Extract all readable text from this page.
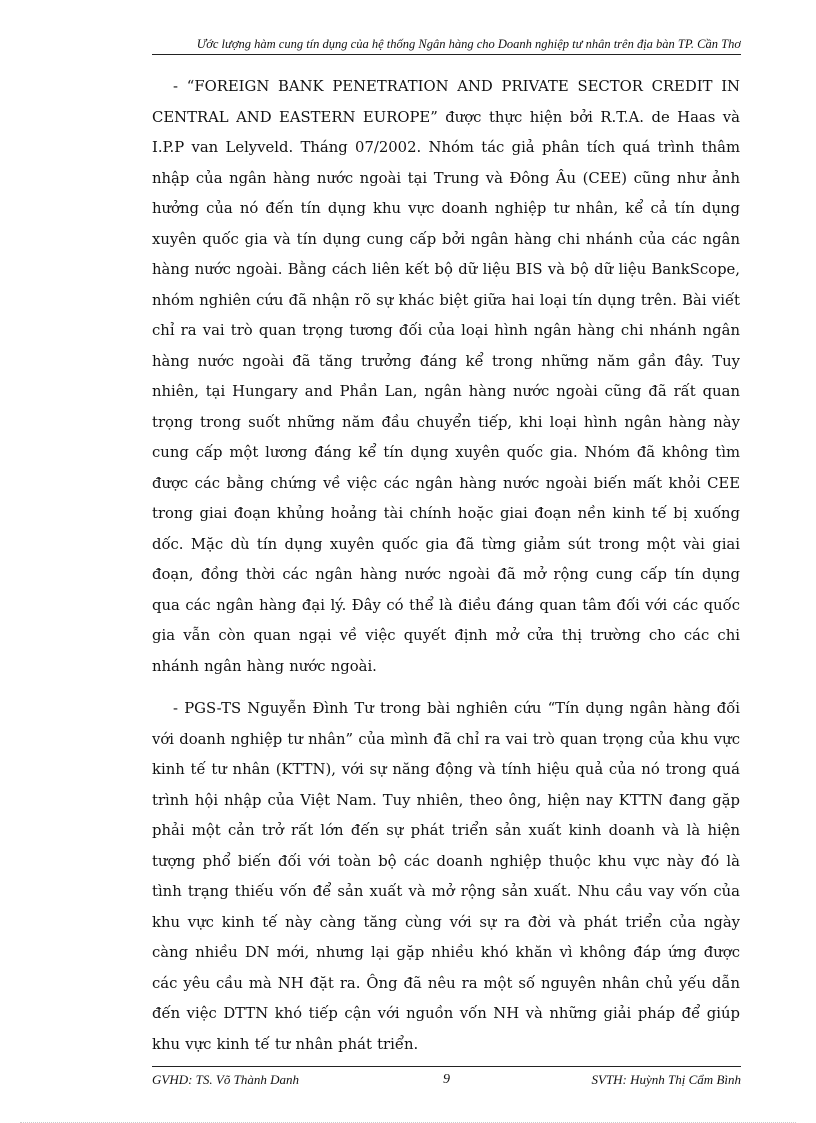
Ước lượng hàm cung tín dụng của hệ thống Ngân hàng cho Doanh nghiệp tư nhân trên địa bàn TP. Cần Thơ

- “FOREIGN BANK PENETRATION AND PRIVATE SECTOR CREDIT IN CENTRAL AND EASTERN EUROPE” được thực hiện bởi R.T.A. de Haas và I.P.P van Lelyveld. Tháng 07/2002. Nhóm tác giả phân tích quá trình thâm nhập của ngân hàng nước ngoài tại Trung và Đông Âu (CEE) cũng như ảnh hưởng của nó đến tín dụng khu vực doanh nghiệp tư nhân, kể cả tín dụng xuyên quốc gia và tín dụng cung cấp bởi ngân hàng chi nhánh của các ngân hàng nước ngoài. Bằng cách liên kết bộ dữ liệu BIS và bộ dữ liệu BankScope, nhóm nghiên cứu đã nhận rõ sự khác biệt giữa hai loại tín dụng trên. Bài viết chỉ ra vai trò quan trọng tương đối của loại hình ngân hàng chi nhánh ngân hàng nước ngoài đã tăng trưởng đáng kể trong những năm gần đây. Tuy nhiên, tại Hungary and Phần Lan, ngân hàng nước ngoài cũng đã rất quan trọng trong suốt những năm đầu chuyển tiếp, khi loại hình ngân hàng này cung cấp một lương đáng kể tín dụng xuyên quốc gia. Nhóm đã không tìm được các bằng chứng về việc các ngân hàng nước ngoài biến mất khỏi CEE trong giai đoạn khủng hoảng tài chính hoặc giai đoạn nền kinh tế bị xuống dốc. Mặc dù tín dụng xuyên quốc gia đã từng giảm sút trong một vài giai đoạn, đồng thời các ngân hàng nước ngoài đã mở rộng cung cấp tín dụng qua các ngân hàng đại lý. Đây có thể là điều đáng quan tâm đối với các quốc gia vẫn còn quan ngại về việc quyết định mở cửa thị trường cho các chi nhánh ngân hàng nước ngoài.

- PGS-TS Nguyễn Đình Tư trong bài nghiên cứu “Tín dụng ngân hàng đối với doanh nghiệp tư nhân” của mình đã chỉ ra vai trò quan trọng của khu vực kinh tế tư nhân (KTTN), với sự năng động và tính hiệu quả của nó trong quá trình hội nhập của Việt Nam. Tuy nhiên, theo ông, hiện nay KTTN đang gặp phải một cản trở rất lớn đến sự phát triển sản xuất kinh doanh và là hiện tượng phổ biến đối với toàn bộ các doanh nghiệp thuộc khu vực này đó là tình trạng thiếu vốn để sản xuất và mở rộng sản xuất. Nhu cầu vay vốn của khu vực kinh tế này càng tăng cùng với sự ra đời và phát triển của ngày càng nhiều DN mới, nhưng lại gặp nhiều khó khăn vì không đáp ứng được các yêu cầu mà NH đặt ra. Ông đã nêu ra một số nguyên nhân chủ yếu dẫn đến việc DTTN khó tiếp cận với nguồn vốn NH và những giải pháp để giúp khu vực kinh tế tư nhân phát triển.

GVHD: TS. Võ Thành Danh	9	SVTH: Huỳnh Thị Cẩm Bình
